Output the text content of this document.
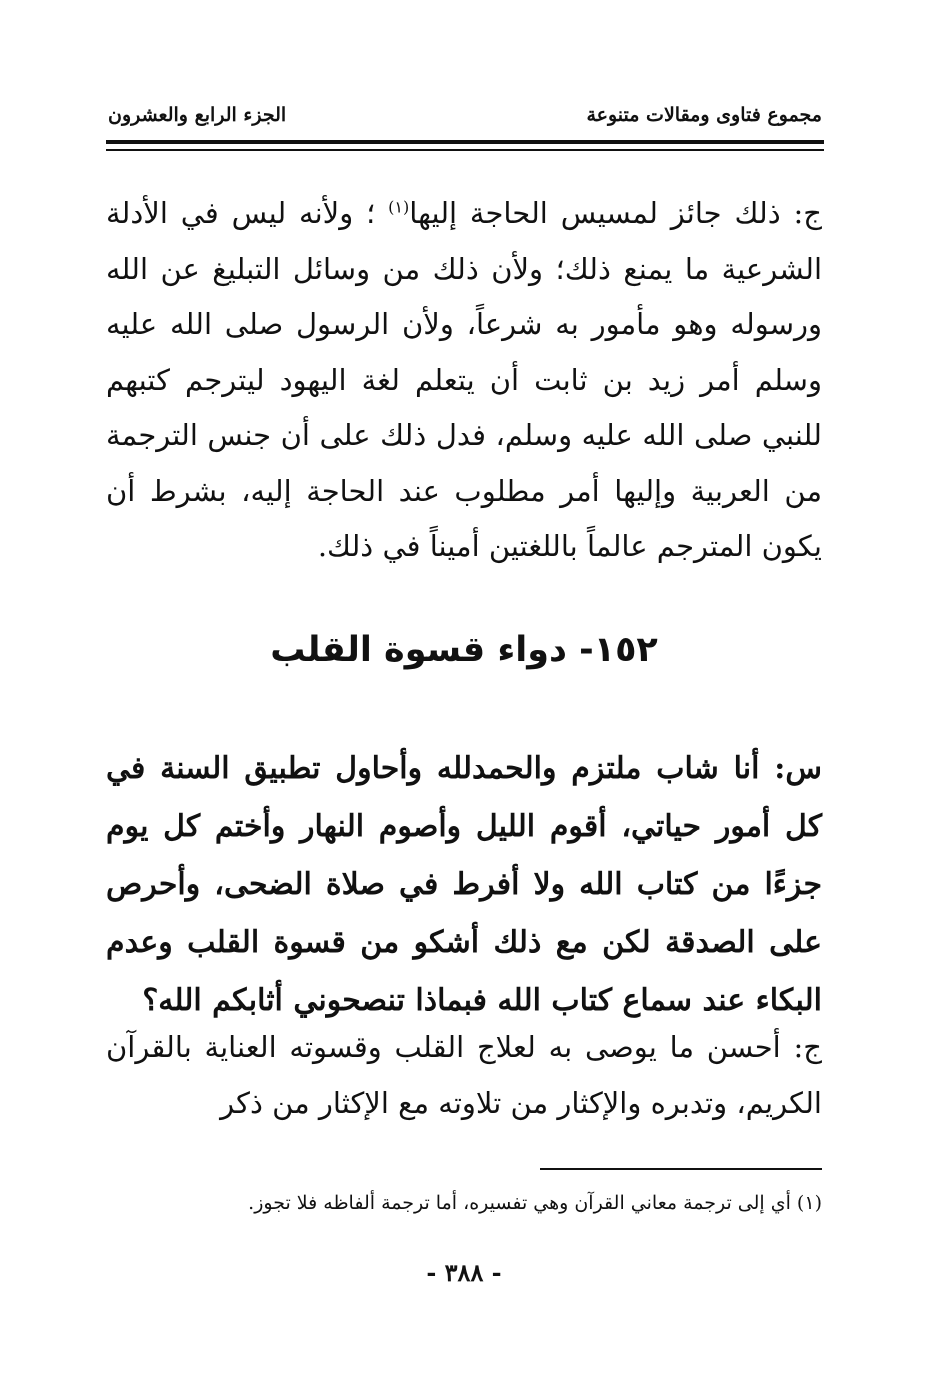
مجموع فتاوى ومقالات متنوعة
الجزء الرابع والعشرون

ج: ذلك جائز لمسيس الحاجة إليها$^{(١)}$ ؛ ولأنه ليس في الأدلة الشرعية ما يمنع ذلك؛ ولأن ذلك من وسائل التبليغ عن الله ورسوله وهو مأمور به شرعاً، ولأن الرسول صلى الله عليه وسلم أمر زيد بن ثابت أن يتعلم لغة اليهود ليترجم كتبهم للنبي صلى الله عليه وسلم، فدل ذلك على أن جنس الترجمة من العربية وإليها أمر مطلوب عند الحاجة إليه، بشرط أن يكون المترجم عالماً باللغتين أميناً في ذلك.

١٥٢- دواء قسوة القلب

س: أنا شاب ملتزم والحمدلله وأحاول تطبيق السنة في كل أمور حياتي، أقوم الليل وأصوم النهار وأختم كل يوم جزءًا من كتاب الله ولا أفرط في صلاة الضحى، وأحرص على الصدقة لكن مع ذلك أشكو من قسوة القلب وعدم البكاء عند سماع كتاب الله فبماذا تنصحوني أثابكم الله؟

ج: أحسن ما يوصى به لعلاج القلب وقسوته العناية بالقرآن الكريم، وتدبره والإكثار من تلاوته مع الإكثار من ذكر

(١) أي إلى ترجمة معاني القرآن وهي تفسيره، أما ترجمة ألفاظه فلا تجوز.
- ٣٨٨ -
